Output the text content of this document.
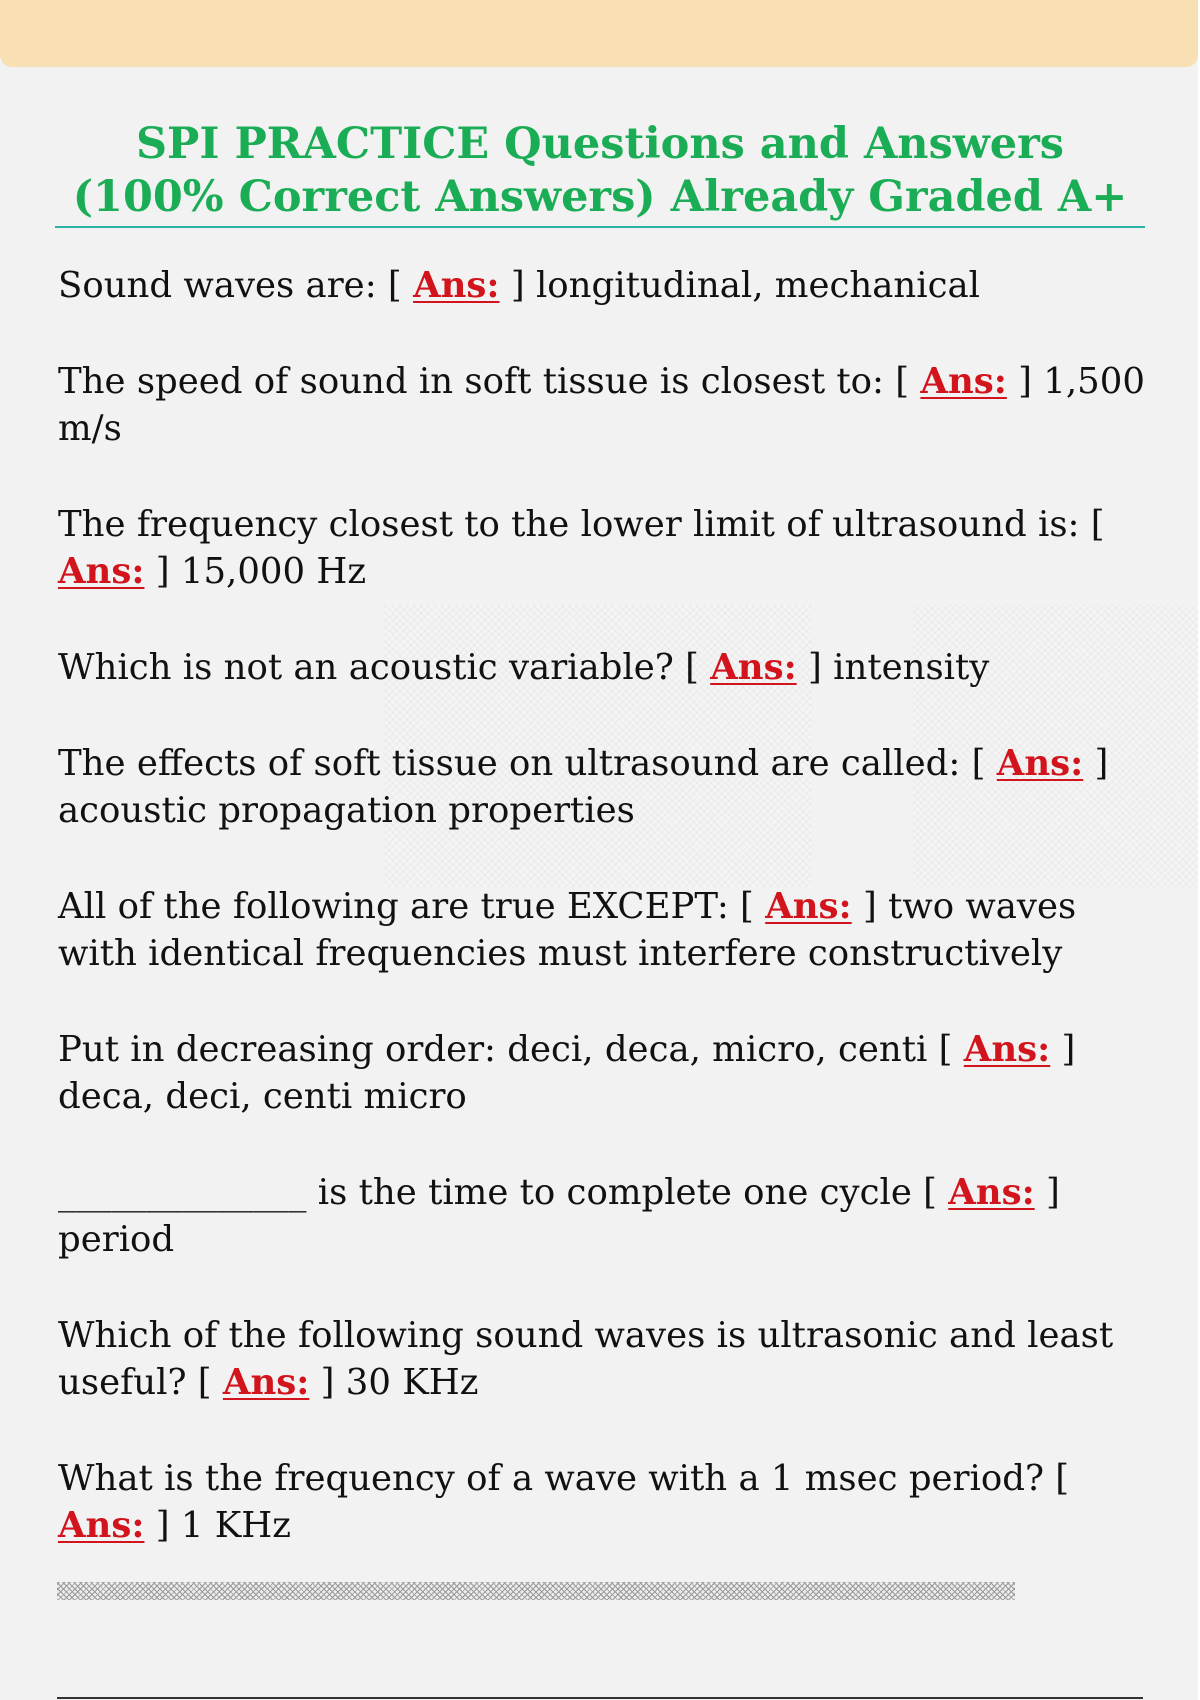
SPI PRACTICE Questions and Answers (100% Correct Answers) Already Graded A+

Sound waves are: [ Ans: ] longitudinal, mechanical

The speed of sound in soft tissue is closest to: [ Ans: ] 1,500 m/s

The frequency closest to the lower limit of ultrasound is: [ Ans: ] 15,000 Hz

Which is not an acoustic variable? [ Ans: ] intensity

The effects of soft tissue on ultrasound are called: [ Ans: ] acoustic propagation properties

All of the following are true EXCEPT: [ Ans: ] two waves with identical frequencies must interfere constructively

Put in decreasing order: deci, deca, micro, centi [ Ans: ] deca, deci, centi micro

______________ is the time to complete one cycle [ Ans: ] period

Which of the following sound waves is ultrasonic and least useful? [ Ans: ] 30 KHz

What is the frequency of a wave with a 1 msec period? [ Ans: ] 1 KHz
